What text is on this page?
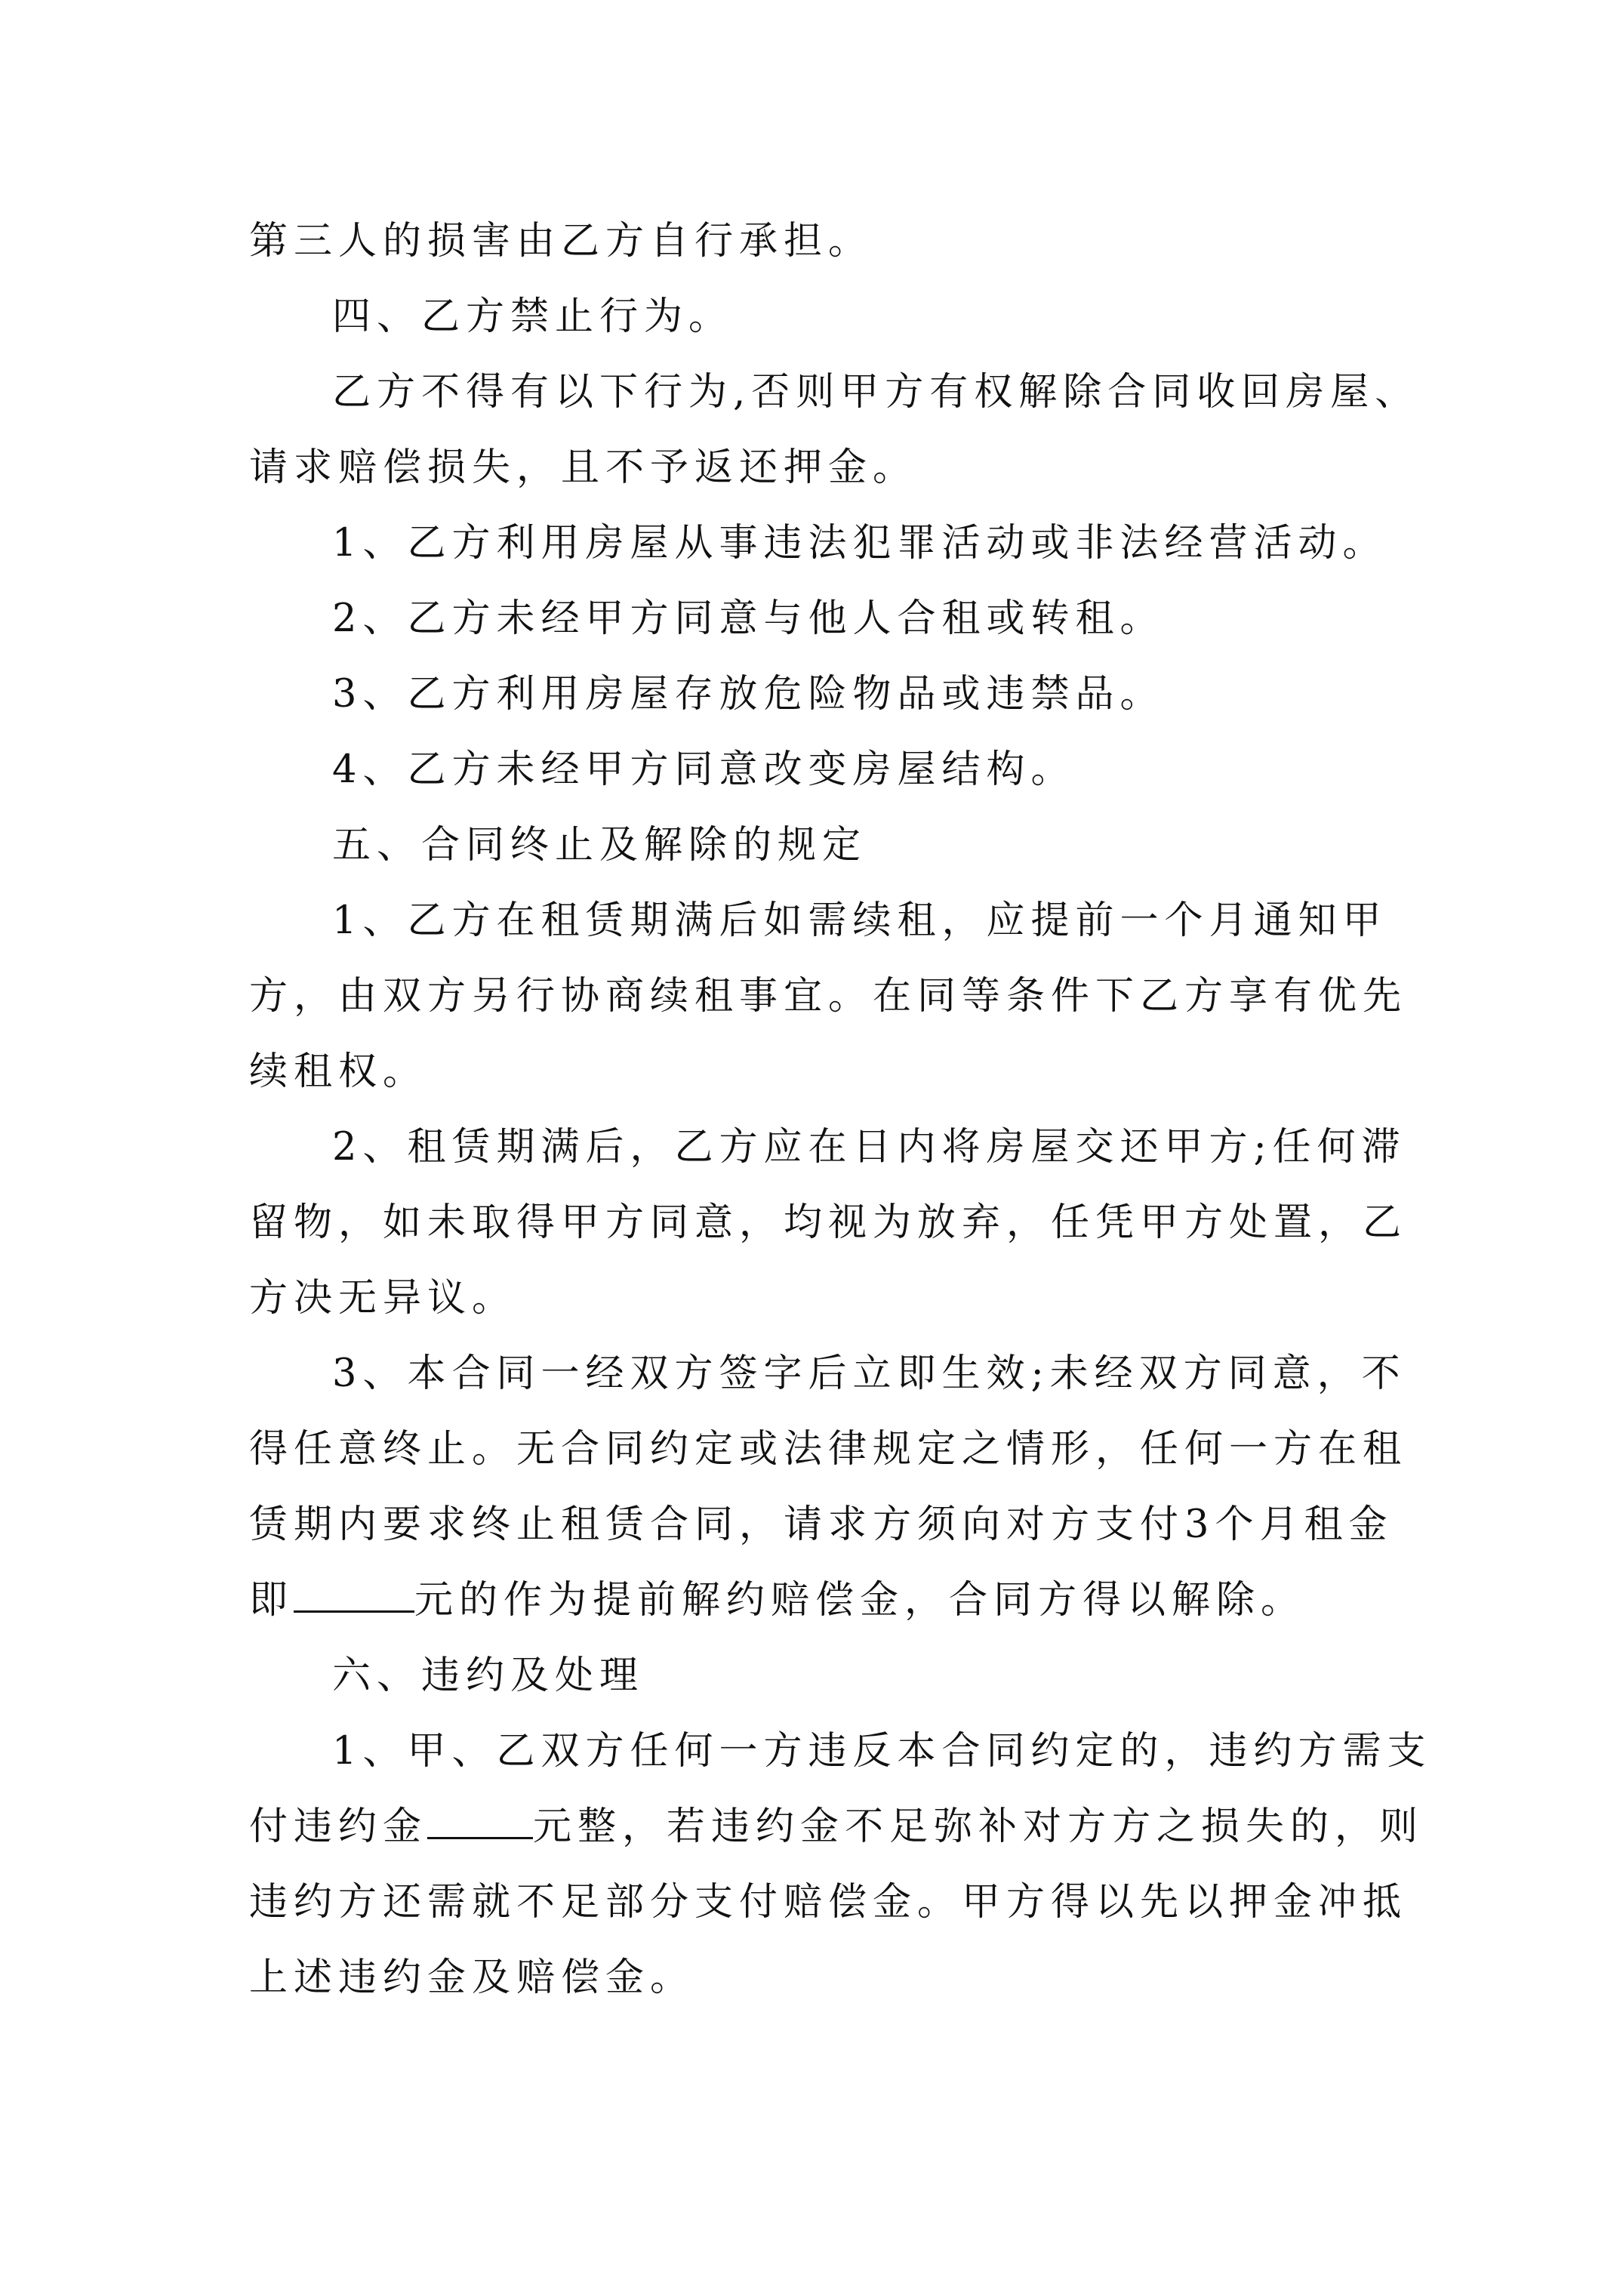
第三人的损害由乙方自行承担。

四、乙方禁止行为。

乙方不得有以下行为,否则甲方有权解除合同收回房屋、请求赔偿损失，且不予返还押金。

1、乙方利用房屋从事违法犯罪活动或非法经营活动。

2、乙方未经甲方同意与他人合租或转租。

3、乙方利用房屋存放危险物品或违禁品。

4、乙方未经甲方同意改变房屋结构。

五、合同终止及解除的规定

1、乙方在租赁期满后如需续租，应提前一个月通知甲方，由双方另行协商续租事宜。在同等条件下乙方享有优先续租权。

2、租赁期满后，乙方应在日内将房屋交还甲方;任何滞留物，如未取得甲方同意，均视为放弃，任凭甲方处置，乙方决无异议。

3、本合同一经双方签字后立即生效;未经双方同意，不得任意终止。无合同约定或法律规定之情形，任何一方在租赁期内要求终止租赁合同，请求方须向对方支付3个月租金即	元的作为提前解约赔偿金，合同方得以解除。

六、违约及处理

1、甲、乙双方任何一方违反本合同约定的，违约方需支付违约金	元整，若违约金不足弥补对方方之损失的，则违约方还需就不足部分支付赔偿金。甲方得以先以押金冲抵上述违约金及赔偿金。
